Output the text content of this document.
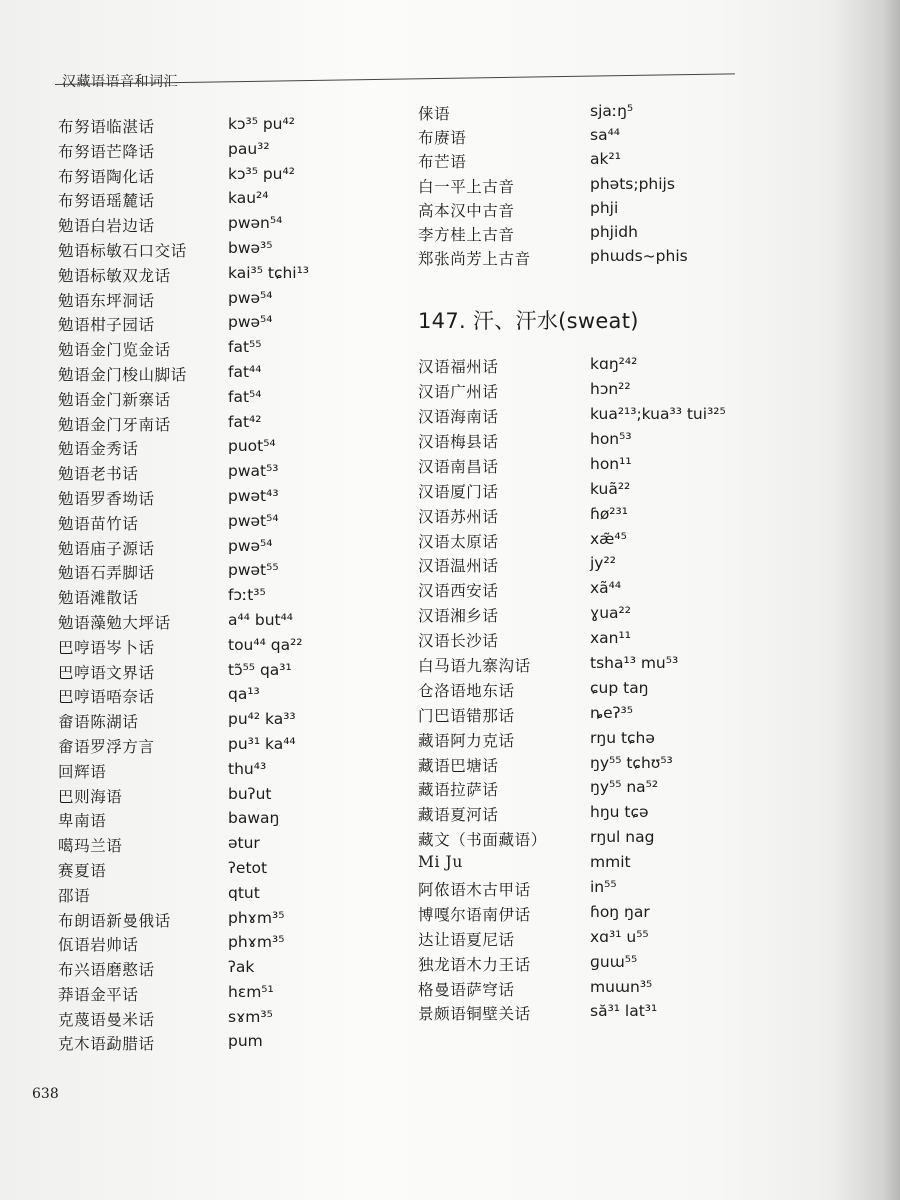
汉藏语语音和词汇
布努语临湛话	kɔ³⁵ pu⁴²
布努语芒降话	pau³²
布努语陶化话	kɔ³⁵ pu⁴²
布努语瑶麓话	kau²⁴
勉语白岩边话	pwən⁵⁴
勉语标敏石口交话	bwə³⁵
勉语标敏双龙话	kai³⁵ tɕhi¹³
勉语东坪洞话	pwə⁵⁴
勉语柑子园话	pwə⁵⁴
勉语金门览金话	fat⁵⁵
勉语金门梭山脚话	fat⁴⁴
勉语金门新寨话	fat⁵⁴
勉语金门牙南话	fat⁴²
勉语金秀话	puot⁵⁴
勉语老书话	pwat⁵³
勉语罗香坳话	pwət⁴³
勉语苗竹话	pwət⁵⁴
勉语庙子源话	pwə⁵⁴
勉语石弄脚话	pwət⁵⁵
勉语滩散话	fɔːt³⁵
勉语藻勉大坪话	a⁴⁴ but⁴⁴
巴哼语岑卜话	tou⁴⁴ qa²²
巴哼语文界话	tɔ̃⁵⁵ qa³¹
巴哼语唔奈话	qa¹³
畲语陈湖话	pu⁴² ka³³
畲语罗浮方言	pu³¹ ka⁴⁴
回辉语	thu⁴³
巴则海语	buʔut
卑南语	bawaŋ
噶玛兰语	ətur
赛夏语	ʔetot
邵语	qtut
布朗语新曼俄话	phɤm³⁵
佤语岩帅话	phɤm³⁵
布兴语磨憨话	ʔak
莽语金平话	hɛm⁵¹
克蔑语曼米话	sɤm³⁵
克木语勐腊话	pum
俫语	sjaːŋ⁵
布赓语	sa⁴⁴
布芒语	ak²¹
白一平上古音	phəts;phijs
高本汉中古音	phji
李方桂上古音	phjidh
郑张尚芳上古音	phɯds~phis
147. 汗、汗水(sweat)
汉语福州话	kɑŋ²⁴²
汉语广州话	hɔn²²
汉语海南话	kua²¹³;kua³³ tui³²⁵
汉语梅县话	hon⁵³
汉语南昌话	hon¹¹
汉语厦门话	kuã²²
汉语苏州话	ɦø²³¹
汉语太原话	xæ̃⁴⁵
汉语温州话	jy²²
汉语西安话	xã⁴⁴
汉语湘乡话	ɣua²²
汉语长沙话	xan¹¹
白马语九寨沟话	tsha¹³ mu⁵³
仓洛语地东话	ɕup taŋ
门巴语错那话	ȵeʔ³⁵
藏语阿力克话	rŋu tɕhə
藏语巴塘话	ŋy⁵⁵ tɕhʊ⁵³
藏语拉萨话	ŋy⁵⁵ na⁵²
藏语夏河话	hŋu tɕə
藏文（书面藏语）	rŋul nag
Mi Ju	mmit
阿侬语木古甲话	in⁵⁵
博嘎尔语南伊话	ɦoŋ ŋar
达让语夏尼话	xɑ³¹ u⁵⁵
独龙语木力王话	ɡuɯ⁵⁵
格曼语萨穹话	muɯn³⁵
景颇语铜壁关话	să³¹ lat³¹
638
